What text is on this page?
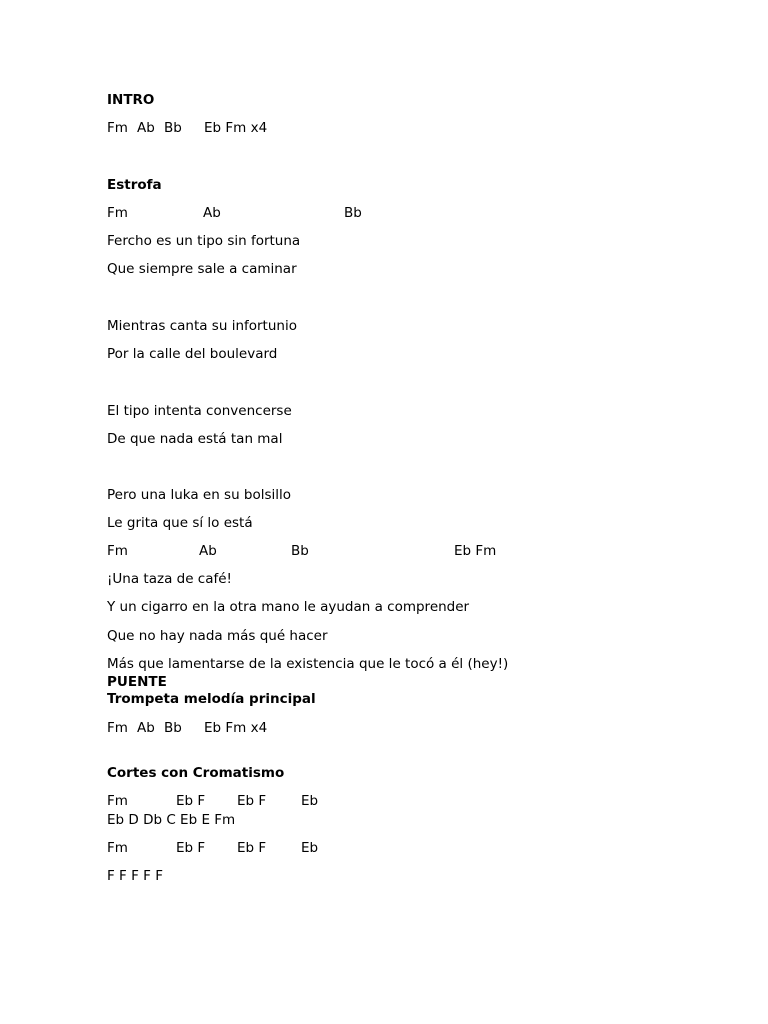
INTRO
Fm Ab Bb Eb Fm x4
Estrofa
Fm	Ab	Bb
Fercho es un tipo sin fortuna
Que siempre sale a caminar
Mientras canta su infortunio
Por la calle del boulevard
El tipo intenta convencerse
De que nada está tan mal
Pero una luka en su bolsillo
Le grita que sí lo está
Fm	Ab	Bb	Eb Fm
¡Una taza de café!
Y un cigarro en la otra mano le ayudan a comprender
Que no hay nada más qué hacer
Más que lamentarse de la existencia que le tocó a él (hey!)
PUENTE
Trompeta melodía principal
Fm Ab Bb Eb Fm x4
Cortes con Cromatismo
Fm	Eb F Eb F	Eb
Eb D Db C Eb E Fm
Fm	Eb F Eb F	Eb
F F F F F
